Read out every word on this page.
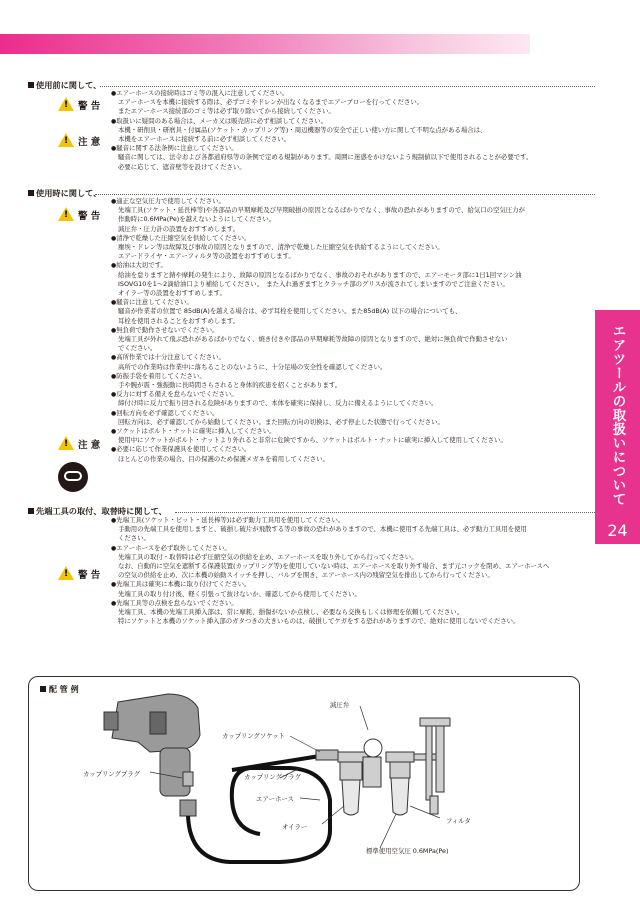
エアツールの取扱いについて
24
使用前に関して、
!警 告
!注 意
● エアーホースの接続時はゴミ等の混入に注意してください。
エアーホースを本機に接続する際は、必ずゴミやドレンが出なくなるまでエアーブローを行ってください。
またエアーホース接続部のゴミ等は必ず取り除いてから接続してください。
● 取扱いに疑問のある場合は、メーカ又は販売店に必ず相談してください。
本機・研削具・研磨具・付属品(ソケット・カップリング等)・周辺機器等の安全で正しい使い方に関して不明な点がある場合は、
本機をエアーホースに接続する前に必ず相談してください。
● 騒音に関する法条例に注意してください。
騒音に関しては、法令および各都道府県等の条例で定める規制があります。周囲に迷惑をかけないよう規制値以下で使用されることが必要です。
必要に応じて、遮音壁等を設けてください。
使用時に関して、
!警 告
!注 意
● 適正な空気圧力で使用してください。
先端工具(ソケット・延長棒等)や各部品の早期摩耗及び早期破損の原因となるばかりでなく、事故の恐れがありますので、給気口の空気圧力が
作動時に0.6MPa(Pe)を越えないようにしてください。
減圧弁・圧力計の設置をおすすめします。
● 清浄で乾燥した圧縮空気を供給してください。
塵埃・ドレン等は故障及び事故の原因となりますので、清浄で乾燥した圧縮空気を供給するようにしてください。
エアードライヤ・エアーフィルタ等の設置をおすすめします。
● 給油は大切です。
給油を怠りますと錆や摩耗の発生により、故障の原因となるばかりでなく、事故のおそれがありますので、エアーモータ部に1日1回マシン油
ISOVG10を1〜2滴給油口より補給してください。　また入れ過ぎますとクラッチ部のグリスが流されてしまいますのでご注意ください。
オイラー等の設置をおすすめします。
● 騒音に注意してください。
騒音が作業者の位置で 85dB(A)を越える場合は、必ず耳栓を使用してください。また85dB(A) 以下の場合についても、
耳栓を使用されることをおすすめします。
● 無負荷で動作させないでください。
先端工具が外れて飛ぶ恐れがあるばかりでなく、焼き付きや部品の早期摩耗等故障の原因となりますので、絶対に無負荷で作動させない
でください。
● 高所作業では十分注意してください。
高所での作業時は作業中に落ちることのないように、十分足場の安全性を確認してください。
● 防振手袋を着用してください。
手や腕が震・強振動に長時間さらされると身体的疾患を招くことがあります。
● 反力に対する備えを怠らないでください。
締付け時に反力で振り回される危険がありますので、本体を確実に保持し、反力に備えるようにしてください。
● 回転方向を必ず確認してください。
回転方向は、必ず確認してから始動してください。また回転方向の切換は、必ず停止した状態で行ってください。
● ソケットはボルト・ナットに確実に挿入してください。
使用中にソケットがボルト・ナットより外れると非常に危険ですから、ソケットはボルト・ナットに確実に挿入して使用してください。
● 必要に応じて作業保護具を使用してください。
ほとんどの作業の場合、目の保護のため保護メガネを着用してください。
先端工具の取付、取替時に関して、
!警 告
● 先端工具(ソケット・ビット・延長棒等)は必ず動力工具用を使用してください。
手動用の先端工具を使用しますと、破損し破片が飛散する等の事故の恐れがありますので、本機に使用する先端工具は、必ず動力工具用を使用
ください。
● エアーホースを必ず取外してください。
先端工具の取付・取替時は必ず圧縮空気の供給を止め、エアーホースを取り外してから行ってください。
なお、自動的に空気を遮断する保護装置(カップリング等)を使用していない時は、エアーホースを取り外す場合、まず元コックを閉め、エアーホースへ
の空気の供給を止め、次に本機の始動スイッチを押し、バルブを開き、エアーホース内の残留空気を排出してから行ってください。
● 先端工具は確実に本機に取り付けてください。
先端工具の取り付け後、軽く引張って抜けないか、確認してから使用してください。
● 先端工具等の点検を怠らないでください。
先端工具、本機の先端工具挿入部は、常に摩耗、損傷がないか点検し、必要なら交換もしくは修理を依頼してください。
特にソケットと本機のソケット挿入部のガタつきの大きいものは、破損してケガをする恐れがありますので、絶対に使用しないでください。
配 管 例
減圧弁
カップリングソケット
カップリングプラグ	カップリングプラグ
エアーホース
オイラー
フィルタ
標準使用空気圧 0.6MPa(Pe)
